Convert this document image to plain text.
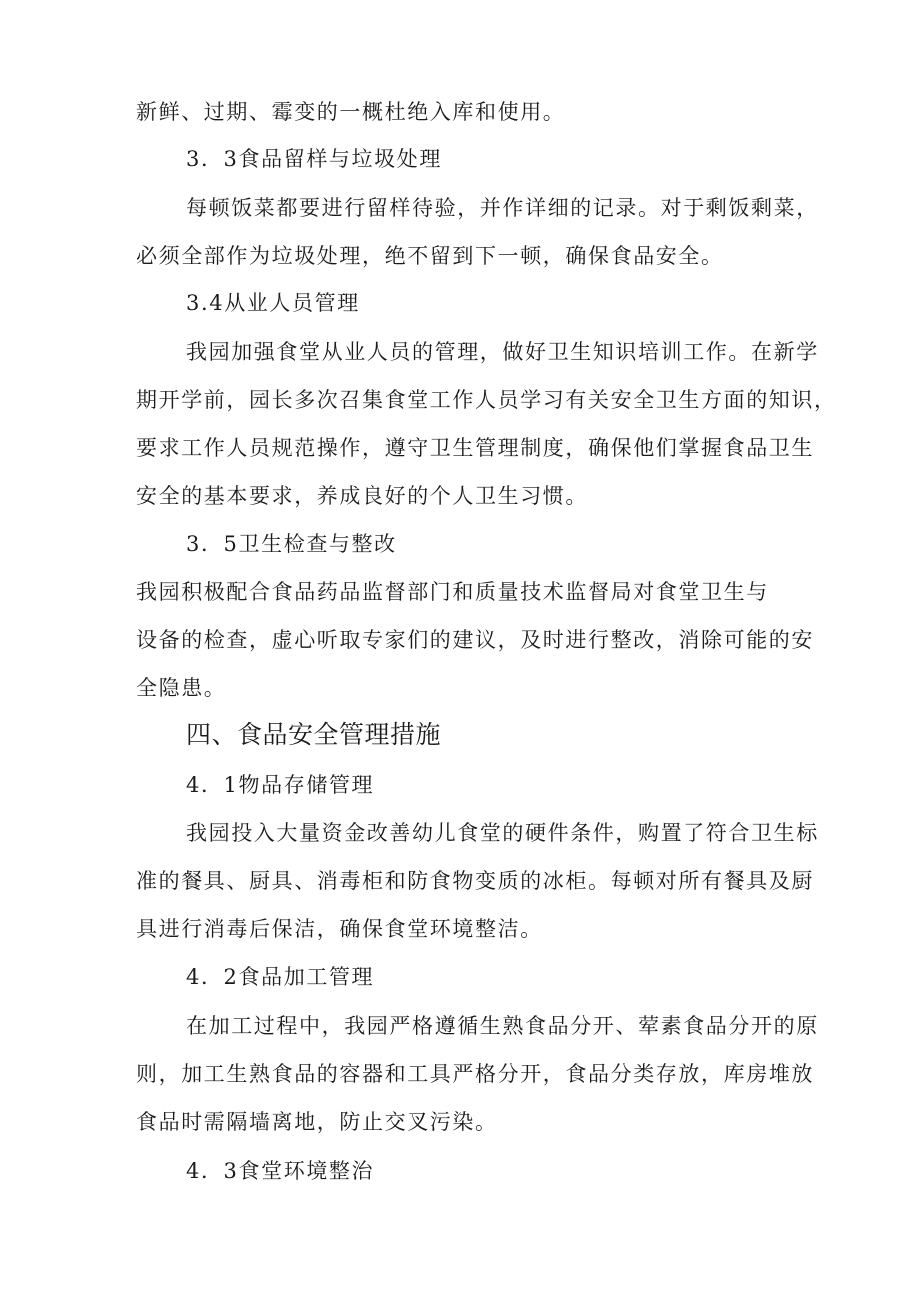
新鲜、过期、霉变的一概杜绝入库和使用。
3．3食品留样与垃圾处理
每顿饭菜都要进行留样待验，并作详细的记录。对于剩饭剩菜，
必须全部作为垃圾处理，绝不留到下一顿，确保食品安全。
3.4从业人员管理
我园加强食堂从业人员的管理，做好卫生知识培训工作。在新学
期开学前，园长多次召集食堂工作人员学习有关安全卫生方面的知识，
要求工作人员规范操作，遵守卫生管理制度，确保他们掌握食品卫生
安全的基本要求，养成良好的个人卫生习惯。
3．5卫生检查与整改
我园积极配合食品药品监督部门和质量技术监督局对食堂卫生与
设备的检查，虚心听取专家们的建议，及时进行整改，消除可能的安
全隐患。
四、食品安全管理措施
4．1物品存储管理
我园投入大量资金改善幼儿食堂的硬件条件，购置了符合卫生标
准的餐具、厨具、消毒柜和防食物变质的冰柜。每顿对所有餐具及厨
具进行消毒后保洁，确保食堂环境整洁。
4．2食品加工管理
在加工过程中，我园严格遵循生熟食品分开、荤素食品分开的原
则，加工生熟食品的容器和工具严格分开，食品分类存放，库房堆放
食品时需隔墙离地，防止交叉污染。
4．3食堂环境整治
